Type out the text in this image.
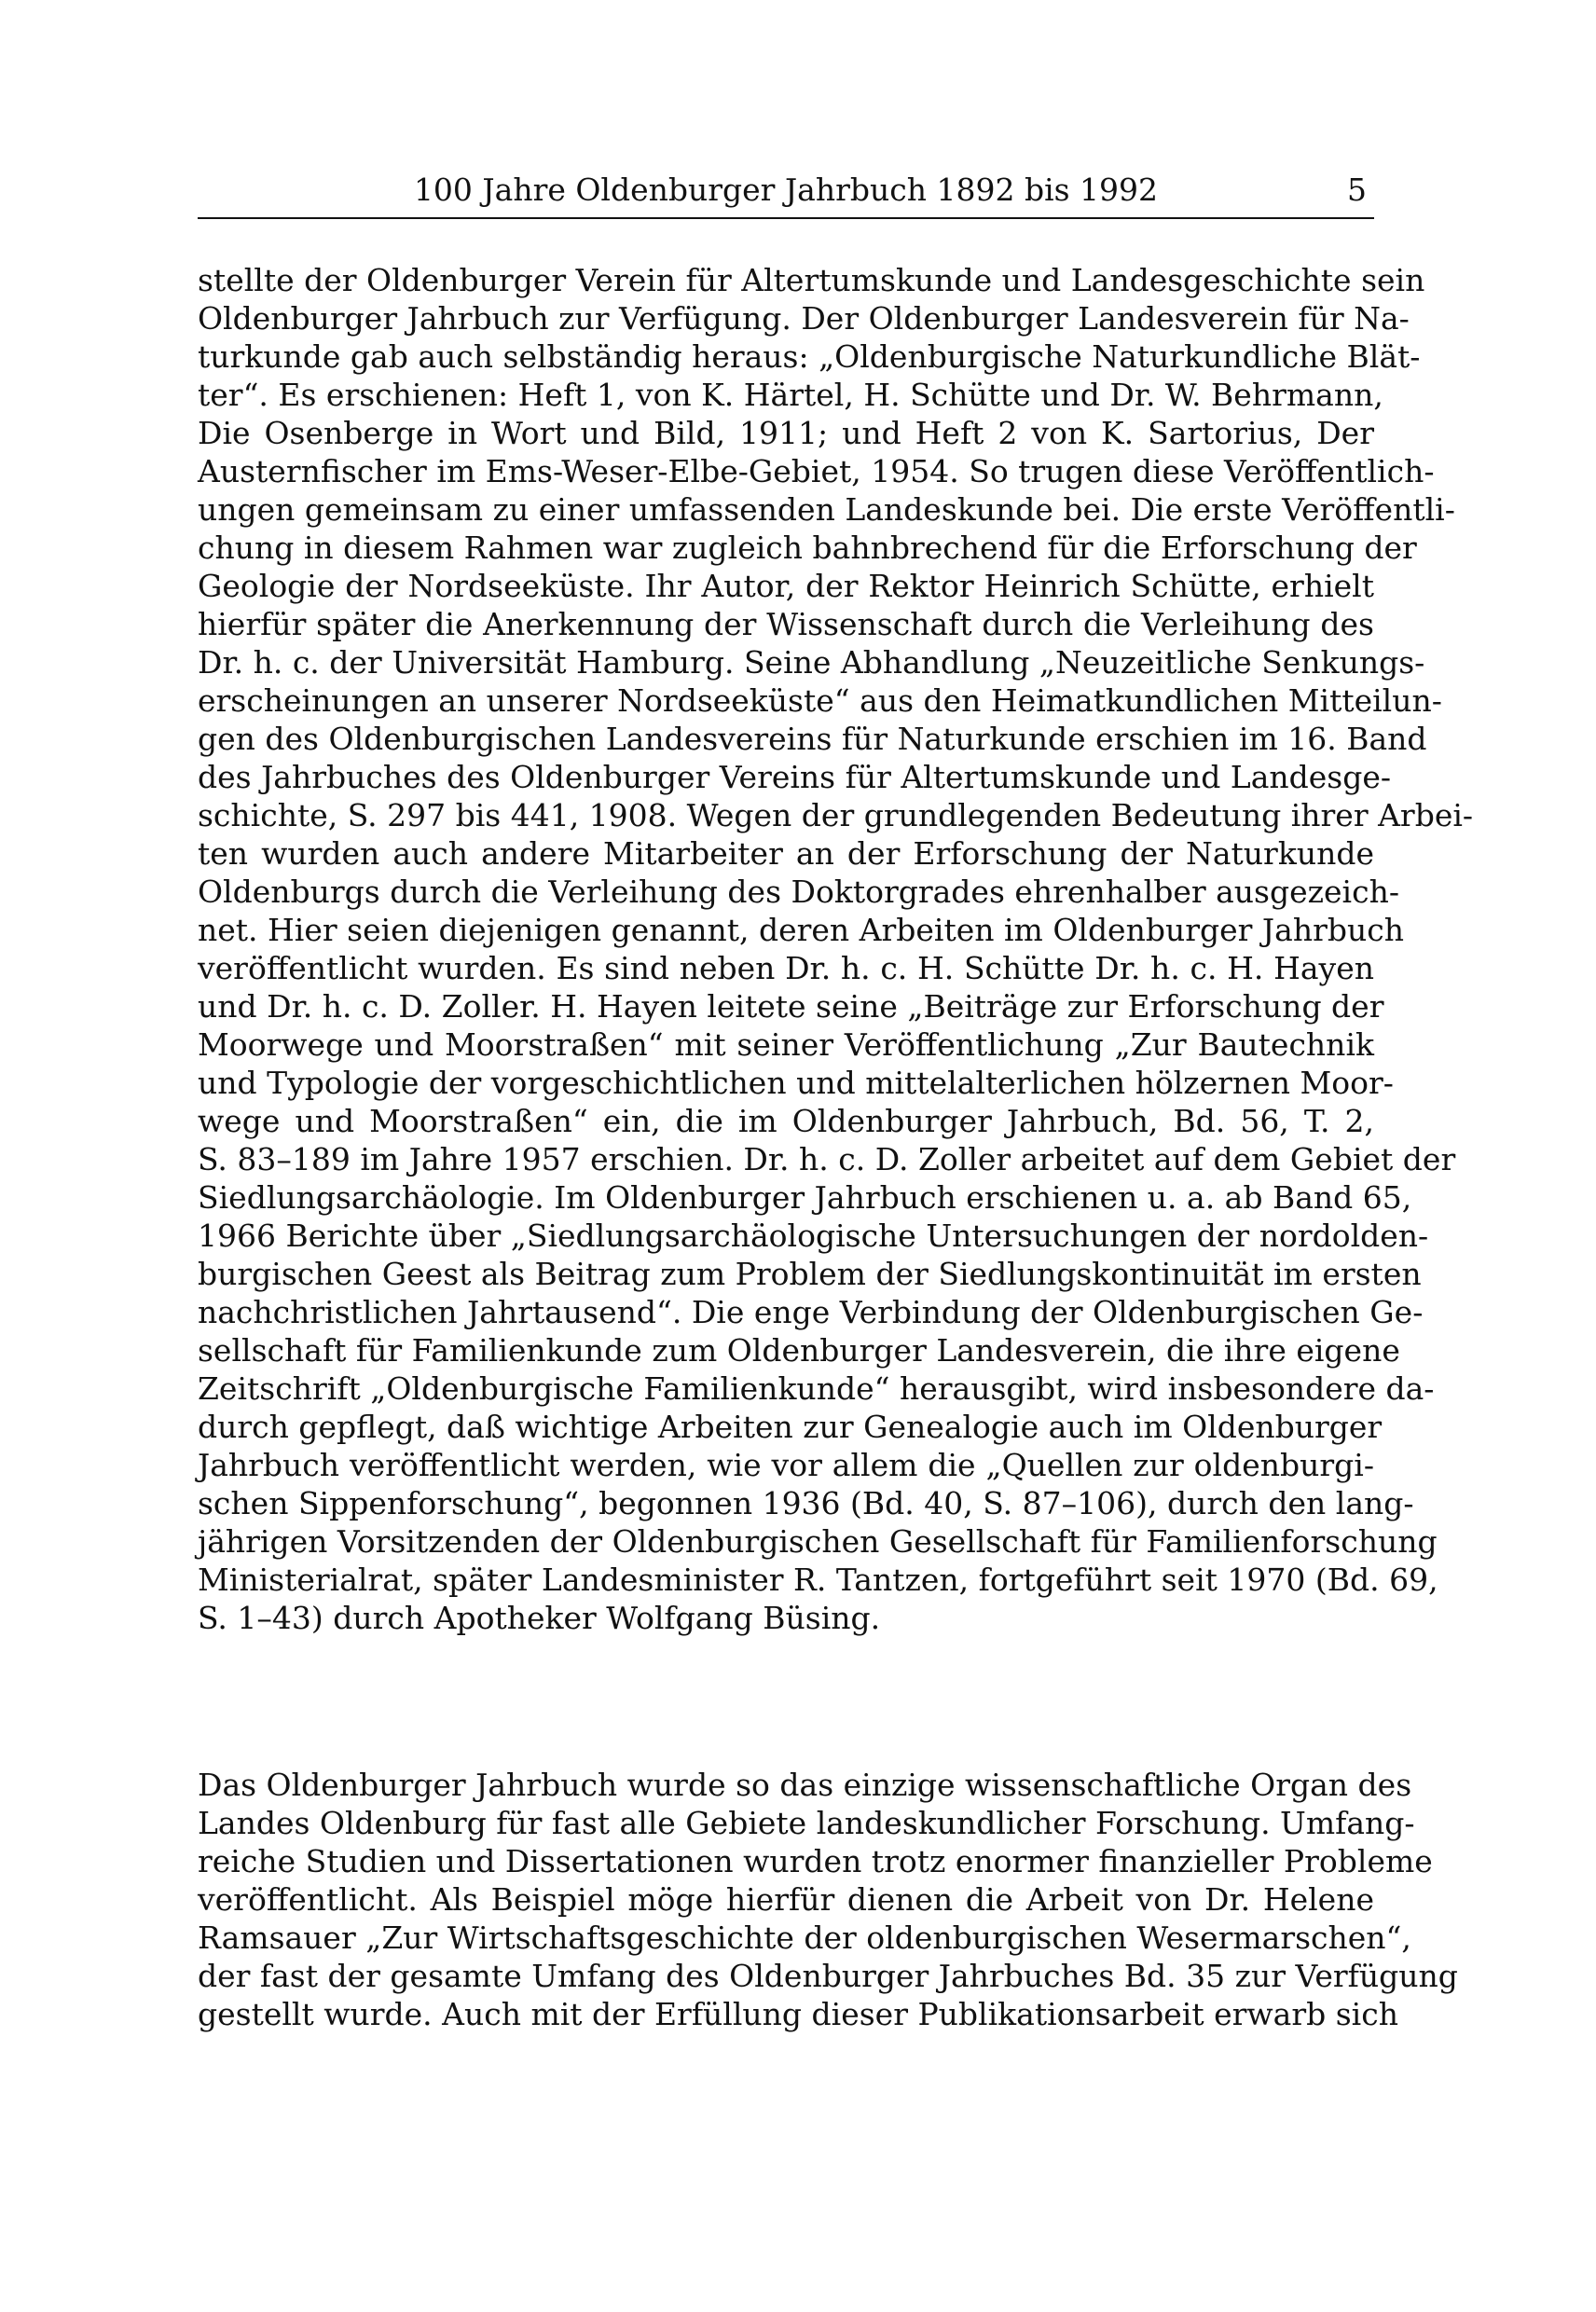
100 Jahre Oldenburger Jahrbuch 1892 bis 1992	5
stellte der Oldenburger Verein für Altertumskunde und Landesgeschichte sein
Oldenburger Jahrbuch zur Verfügung. Der Oldenburger Landesverein für Na-
turkunde gab auch selbständig heraus: „Oldenburgische Naturkundliche Blät-
ter“. Es erschienen: Heft 1, von K. Härtel, H. Schütte und Dr. W. Behrmann,
Die Osenberge in Wort und Bild, 1911; und Heft 2 von K. Sartorius, Der
Austernfischer im Ems-Weser-Elbe-Gebiet, 1954. So trugen diese Veröffentlich-
ungen gemeinsam zu einer umfassenden Landeskunde bei. Die erste Veröffentli-
chung in diesem Rahmen war zugleich bahnbrechend für die Erforschung der
Geologie der Nordseeküste. Ihr Autor, der Rektor Heinrich Schütte, erhielt
hierfür später die Anerkennung der Wissenschaft durch die Verleihung des
Dr. h. c. der Universität Hamburg. Seine Abhandlung „Neuzeitliche Senkungs-
erscheinungen an unserer Nordseeküste“ aus den Heimatkundlichen Mitteilun-
gen des Oldenburgischen Landesvereins für Naturkunde erschien im 16. Band
des Jahrbuches des Oldenburger Vereins für Altertumskunde und Landesge-
schichte, S. 297 bis 441, 1908. Wegen der grundlegenden Bedeutung ihrer Arbei-
ten wurden auch andere Mitarbeiter an der Erforschung der Naturkunde
Oldenburgs durch die Verleihung des Doktorgrades ehrenhalber ausgezeich-
net. Hier seien diejenigen genannt, deren Arbeiten im Oldenburger Jahrbuch
veröffentlicht wurden. Es sind neben Dr. h. c. H. Schütte Dr. h. c. H. Hayen
und Dr. h. c. D. Zoller. H. Hayen leitete seine „Beiträge zur Erforschung der
Moorwege und Moorstraßen“ mit seiner Veröffentlichung „Zur Bautechnik
und Typologie der vorgeschichtlichen und mittelalterlichen hölzernen Moor-
wege und Moorstraßen“ ein, die im Oldenburger Jahrbuch, Bd. 56, T. 2,
S. 83–189 im Jahre 1957 erschien. Dr. h. c. D. Zoller arbeitet auf dem Gebiet der
Siedlungsarchäologie. Im Oldenburger Jahrbuch erschienen u. a. ab Band 65,
1966 Berichte über „Siedlungsarchäologische Untersuchungen der nordolden-
burgischen Geest als Beitrag zum Problem der Siedlungskontinuität im ersten
nachchristlichen Jahrtausend“. Die enge Verbindung der Oldenburgischen Ge-
sellschaft für Familienkunde zum Oldenburger Landesverein, die ihre eigene
Zeitschrift „Oldenburgische Familienkunde“ herausgibt, wird insbesondere da-
durch gepflegt, daß wichtige Arbeiten zur Genealogie auch im Oldenburger
Jahrbuch veröffentlicht werden, wie vor allem die „Quellen zur oldenburgi-
schen Sippenforschung“, begonnen 1936 (Bd. 40, S. 87–106), durch den lang-
jährigen Vorsitzenden der Oldenburgischen Gesellschaft für Familienforschung
Ministerialrat, später Landesminister R. Tantzen, fortgeführt seit 1970 (Bd. 69,
S. 1–43) durch Apotheker Wolfgang Büsing.
Das Oldenburger Jahrbuch wurde so das einzige wissenschaftliche Organ des
Landes Oldenburg für fast alle Gebiete landeskundlicher Forschung. Umfang-
reiche Studien und Dissertationen wurden trotz enormer finanzieller Probleme
veröffentlicht. Als Beispiel möge hierfür dienen die Arbeit von Dr. Helene
Ramsauer „Zur Wirtschaftsgeschichte der oldenburgischen Wesermarschen“,
der fast der gesamte Umfang des Oldenburger Jahrbuches Bd. 35 zur Verfügung
gestellt wurde. Auch mit der Erfüllung dieser Publikationsarbeit erwarb sich
